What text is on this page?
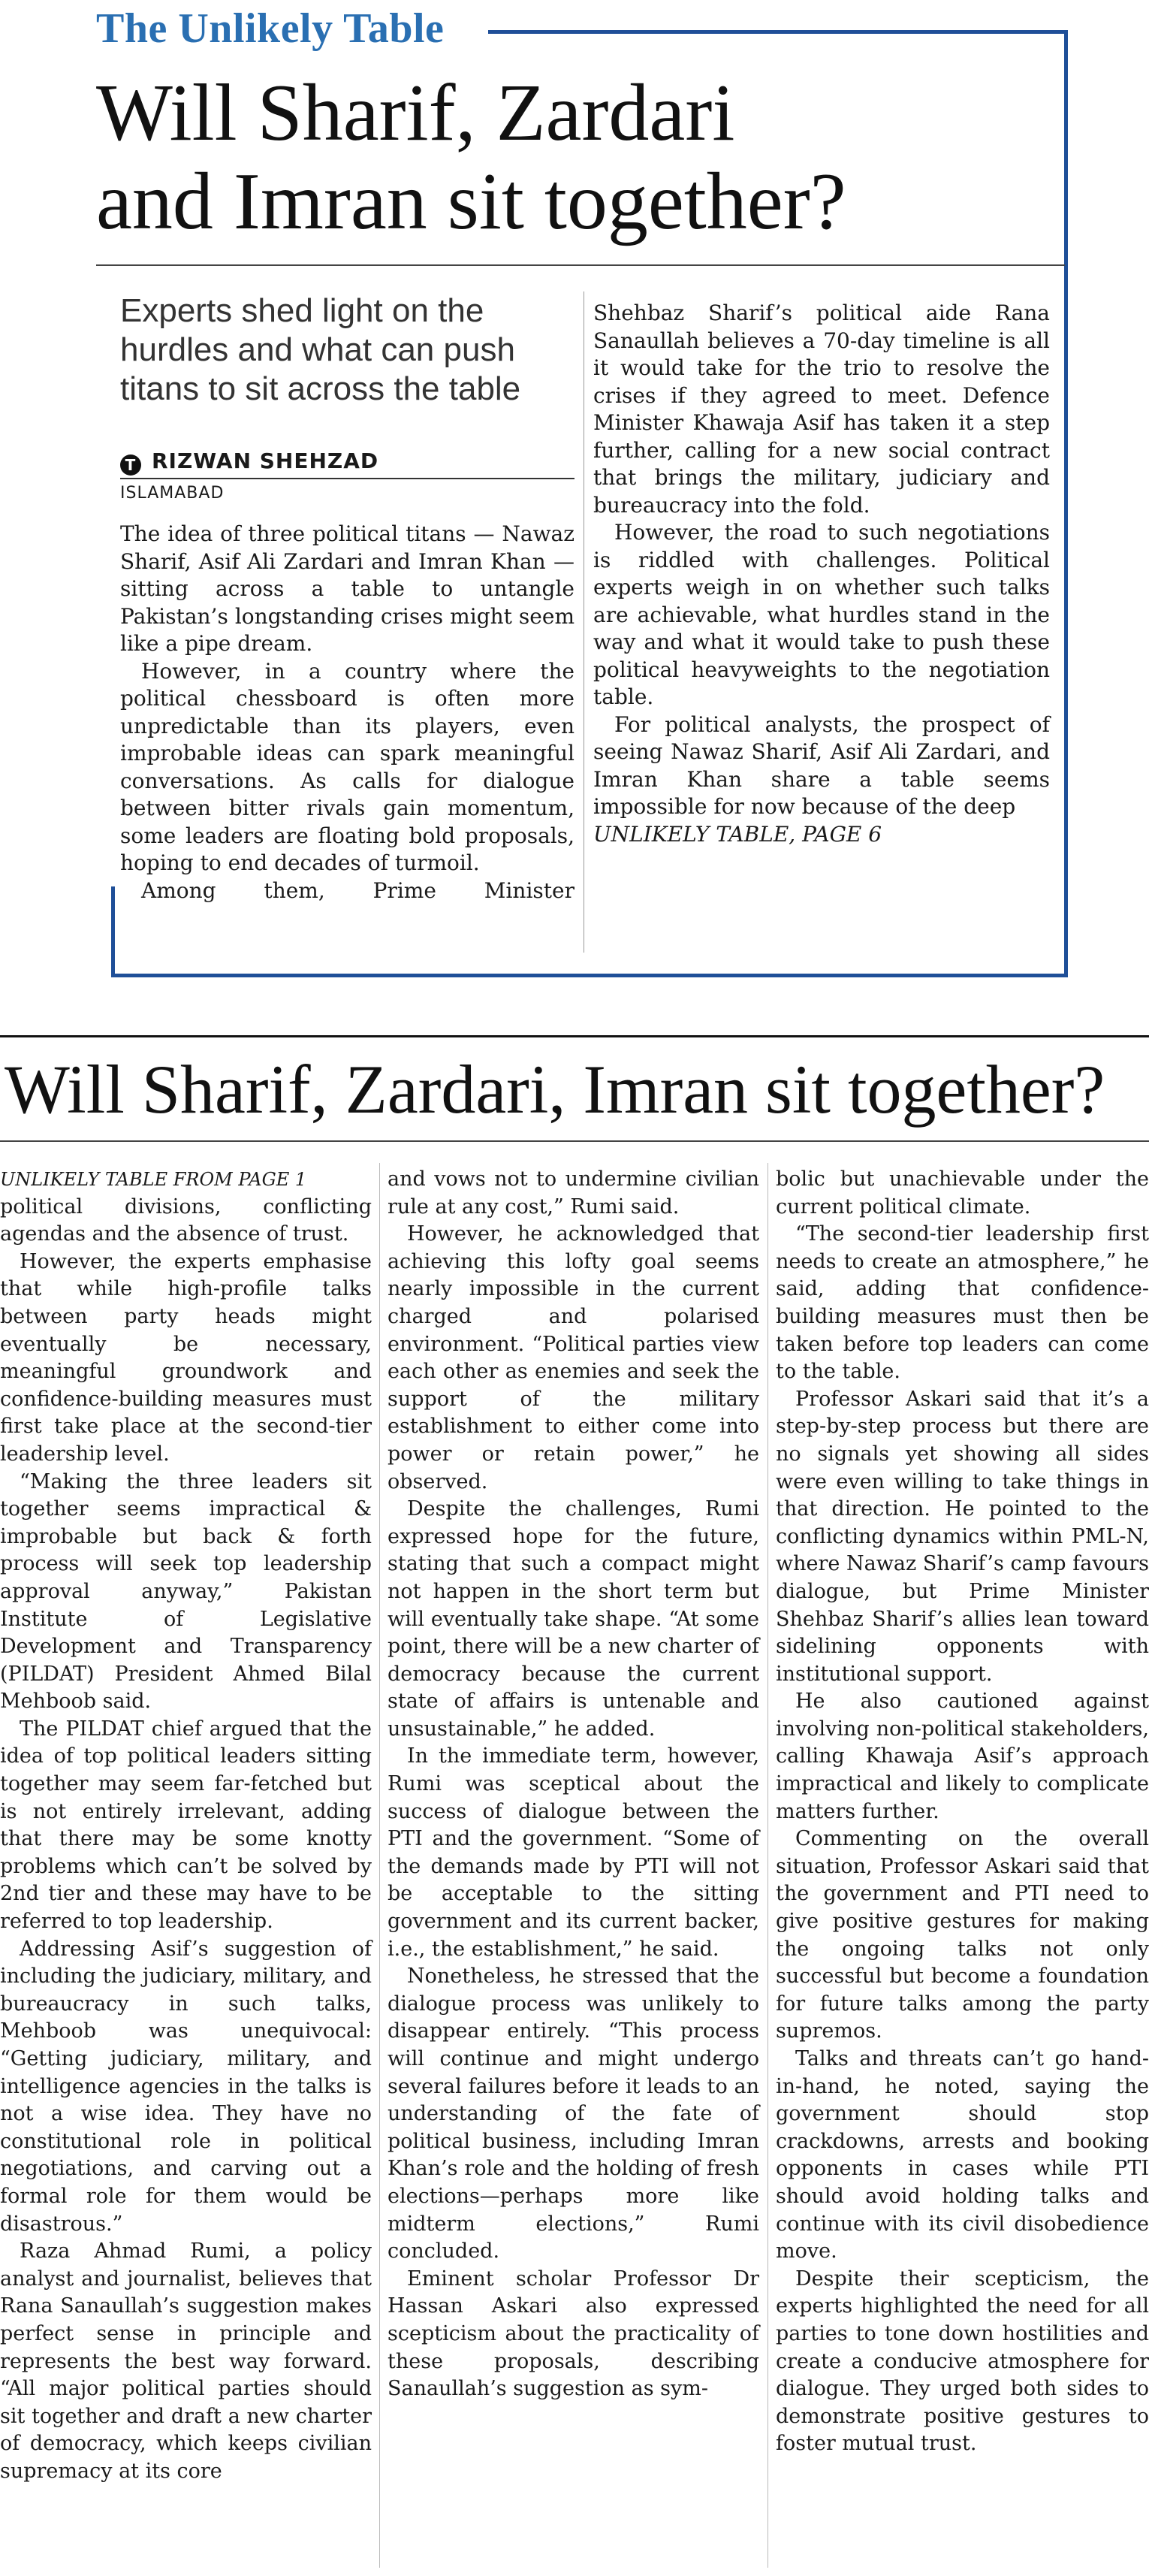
The Unlikely Table
Will Sharif, Zardari
and Imran sit together?
Experts shed light on the hurdles and what can push titans to sit across the table
T RIZWAN SHEHZAD
ISLAMABAD

The idea of three political titans — Nawaz Sharif, Asif Ali Zardari and Imran Khan — sitting across a table to untangle Pakistan’s longstanding crises might seem like a pipe dream.

However, in a country where the political chessboard is often more unpredictable than its players, even improbable ideas can spark meaningful conversations. As calls for dialogue between bitter rivals gain momentum, some leaders are floating bold proposals, hoping to end decades of turmoil.

Among them, Prime Minister

Shehbaz Sharif’s political aide Rana Sanaullah believes a 70-day timeline is all it would take for the trio to resolve the crises if they agreed to meet. Defence Minister Khawaja Asif has taken it a step further, calling for a new social contract that brings the military, judiciary and bureaucracy into the fold.

However, the road to such negotiations is riddled with challenges. Political experts weigh in on whether such talks are achievable, what hurdles stand in the way and what it would take to push these political heavyweights to the negotiation table.

For political analysts, the prospect of seeing Nawaz Sharif, Asif Ali Zardari, and Imran Khan share a table seems impossible for now because of the deep

UNLIKELY TABLE, PAGE 6
Will Sharif, Zardari, Imran sit together?
UNLIKELY TABLE FROM PAGE 1

political divisions, conflicting agendas and the absence of trust.

However, the experts emphasise that while high-profile talks between party heads might eventually be necessary, meaningful groundwork and confidence-building measures must first take place at the second-tier leadership level.

“Making the three leaders sit together seems impractical & improbable but back & forth process will seek top leadership approval anyway,” Pakistan Institute of Legislative Development and Transparency (PILDAT) President Ahmed Bilal Mehboob said.

The PILDAT chief argued that the idea of top political leaders sitting together may seem far-fetched but is not entirely irrelevant, adding that there may be some knotty problems which can’t be solved by 2nd tier and these may have to be referred to top leadership.

Addressing Asif’s suggestion of including the judiciary, military, and bureaucracy in such talks, Mehboob was unequivocal: “Getting judiciary, military, and intelligence agencies in the talks is not a wise idea. They have no constitutional role in political negotiations, and carving out a formal role for them would be disastrous.”

Raza Ahmad Rumi, a policy analyst and journalist, believes that Rana Sanaullah’s suggestion makes perfect sense in principle and represents the best way forward. “All major political parties should sit together and draft a new charter of democracy, which keeps civilian supremacy at its core

and vows not to undermine civilian rule at any cost,” Rumi said.

However, he acknowledged that achieving this lofty goal seems nearly impossible in the current charged and polarised environment. “Political parties view each other as enemies and seek the support of the military establishment to either come into power or retain power,” he observed.

Despite the challenges, Rumi expressed hope for the future, stating that such a compact might not happen in the short term but will eventually take shape. “At some point, there will be a new charter of democracy because the current state of affairs is untenable and unsustainable,” he added.

In the immediate term, however, Rumi was sceptical about the success of dialogue between the PTI and the government. “Some of the demands made by PTI will not be acceptable to the sitting government and its current backer, i.e., the establishment,” he said.

Nonetheless, he stressed that the dialogue process was unlikely to disappear entirely. “This process will continue and might undergo several failures before it leads to an understanding of the fate of political business, including Imran Khan’s role and the holding of fresh elections—perhaps more like midterm elections,” Rumi concluded.

Eminent scholar Professor Dr Hassan Askari also expressed scepticism about the practicality of these proposals, describing Sanaullah’s suggestion as sym-

bolic but unachievable under the current political climate.

“The second-tier leadership first needs to create an atmosphere,” he said, adding that confidence-building measures must then be taken before top leaders can come to the table.

Professor Askari said that it’s a step-by-step process but there are no signals yet showing all sides were even willing to take things in that direction. He pointed to the conflicting dynamics within PML-N, where Nawaz Sharif’s camp favours dialogue, but Prime Minister Shehbaz Sharif’s allies lean toward sidelining opponents with institutional support.

He also cautioned against involving non-political stakeholders, calling Khawaja Asif’s approach impractical and likely to complicate matters further.

Commenting on the overall situation, Professor Askari said that the government and PTI need to give positive gestures for making the ongoing talks not only successful but become a foundation for future talks among the party supremos.

Talks and threats can’t go hand-in-hand, he noted, saying the government should stop crackdowns, arrests and booking opponents in cases while PTI should avoid holding talks and continue with its civil disobedience move.

Despite their scepticism, the experts highlighted the need for all parties to tone down hostilities and create a conducive atmosphere for dialogue. They urged both sides to demonstrate positive gestures to foster mutual trust.
